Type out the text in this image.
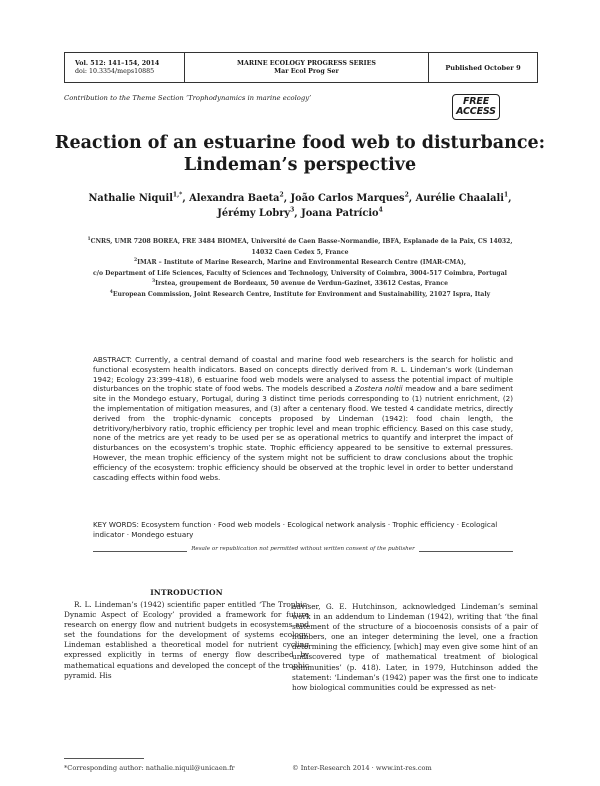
Vol. 512: 141–154, 2014
doi: 10.3354/meps10885
MARINE ECOLOGY PROGRESS SERIES
Mar Ecol Prog Ser	Published October 9
Contribution to the Theme Section ‘Trophodynamics in marine ecology’	FREE
ACCESS
Reaction of an estuarine food web to disturbance:
Lindeman’s perspective
Nathalie Niquil$^{1,*}$, Alexandra Baeta$^2$, João Carlos Marques$^2$, Aurélie Chaalali$^1$,
Jérémy Lobry$^3$, Joana Patrício$^4$
$^1$CNRS, UMR 7208 BOREA, FRE 3484 BIOMEA, Université de Caen Basse-Normandie, IBFA, Esplanade de la Paix, CS 14032,
14032 Caen Cedex 5, France
$^2$IMAR – Institute of Marine Research, Marine and Environmental Research Centre (IMAR-CMA),
c/o Department of Life Sciences, Faculty of Sciences and Technology, University of Coimbra, 3004-517 Coimbra, Portugal
$^3$Irstea, groupement de Bordeaux, 50 avenue de Verdun-Gazinet, 33612 Cestas, France
$^4$European Commission, Joint Research Centre, Institute for Environment and Sustainability, 21027 Ispra, Italy
ABSTRACT: Currently, a central demand of coastal and marine food web researchers is the search for holistic and functional ecosystem health indicators. Based on concepts directly derived from R. L. Lindeman’s work (Lindeman 1942; Ecology 23:399–418), 6 estuarine food web models were analysed to assess the potential impact of multiple disturbances on the trophic state of food webs. The models described a Zostera noltii meadow and a bare sediment site in the Mondego estuary, Portugal, during 3 distinct time periods corresponding to (1) nutrient enrichment, (2) the implementation of mitigation measures, and (3) after a centenary flood. We tested 4 candidate metrics, directly derived from the trophic-dynamic concepts proposed by Lindeman (1942): food chain length, the detritivory/herbivory ratio, trophic efficiency per trophic level and mean trophic efficiency. Based on this case study, none of the metrics are yet ready to be used per se as operational metrics to quantify and interpret the impact of disturbances on the ecosystem’s trophic state. Trophic efficiency appeared to be sensitive to external pressures. However, the mean trophic efficiency of the system might not be sufficient to draw conclusions about the trophic efficiency of the ecosystem: trophic efficiency should be observed at the trophic level in order to better understand cascading effects within food webs.
KEY WORDS: Ecosystem function · Food web models · Ecological network analysis · Trophic efficiency · Ecological indicator · Mondego estuary
Resale or republication not permitted without written consent of the publisher
INTRODUCTION

R. L. Lindeman’s (1942) scientific paper entitled ‘The Trophic-Dynamic Aspect of Ecology’ provided a framework for future research on energy flow and nutrient budgets in ecosystems and set the foundations for the development of systems ecology. Lindeman established a theoretical model for nutrient cycling expressed explicitly in terms of energy flow described by mathematical equations and developed the concept of the trophic pyramid. His

adviser, G. E. Hutchinson, acknowledged Lindeman’s seminal work in an addendum to Lindeman (1942), writing that ‘the final statement of the structure of a biocoenosis consists of a pair of numbers, one an integer determining the level, one a fraction determining the efficiency, [which] may even give some hint of an undiscovered type of mathematical treatment of biological communities’ (p. 418). Later, in 1979, Hutchinson added the statement: ‘Lindeman’s (1942) paper was the first one to indicate how biological communities could be expressed as net-

*Corresponding author: nathalie.niquil@unicaen.fr	© Inter-Research 2014 · www.int-res.com
